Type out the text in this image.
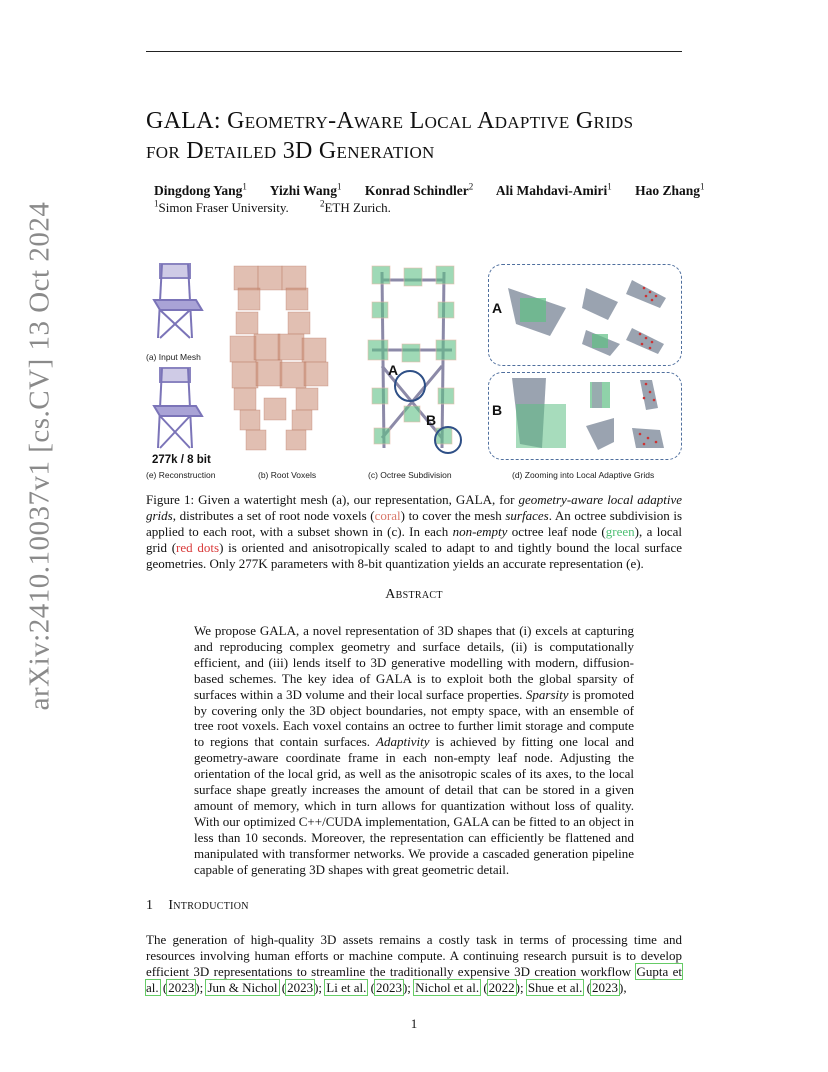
arXiv:2410.10037v1 [cs.CV] 13 Oct 2024
GALA: Geometry-Aware Local Adaptive Grids
for Detailed 3D Generation
Dingdong Yang$^1$ Yizhi Wang$^1$ Konrad Schindler$^2$ Ali Mahdavi-Amiri$^1$ Hao Zhang$^1$
$^1$Simon Fraser University.	$^2$ETH Zurich.
(a) Input Mesh
277k / 8 bit
(e) Reconstruction	(b) Root Voxels	(c) Octree Subdivision	(d) Zooming into Local Adaptive Grids
A
B
A
B
Figure 1: Given a watertight mesh (a), our representation, GALA, for geometry-aware local adaptive grids, distributes a set of root node voxels (coral) to cover the mesh surfaces. An octree subdivision is applied to each root, with a subset shown in (c). In each non-empty octree leaf node (green), a local grid (red dots) is oriented and anisotropically scaled to adapt to and tightly bound the local surface geometries. Only 277K parameters with 8-bit quantization yields an accurate representation (e).
Abstract
We propose GALA, a novel representation of 3D shapes that (i) excels at capturing and reproducing complex geometry and surface details, (ii) is computationally efficient, and (iii) lends itself to 3D generative modelling with modern, diffusion-based schemes. The key idea of GALA is to exploit both the global sparsity of surfaces within a 3D volume and their local surface properties. Sparsity is promoted by covering only the 3D object boundaries, not empty space, with an ensemble of tree root voxels. Each voxel contains an octree to further limit storage and compute to regions that contain surfaces. Adaptivity is achieved by fitting one local and geometry-aware coordinate frame in each non-empty leaf node. Adjusting the orientation of the local grid, as well as the anisotropic scales of its axes, to the local surface shape greatly increases the amount of detail that can be stored in a given amount of memory, which in turn allows for quantization without loss of quality. With our optimized C++/CUDA implementation, GALA can be fitted to an object in less than 10 seconds. Moreover, the representation can efficiently be flattened and manipulated with transformer networks. We provide a cascaded generation pipeline capable of generating 3D shapes with great geometric detail.
1 Introduction
The generation of high-quality 3D assets remains a costly task in terms of processing time and resources involving human efforts or machine compute. A continuing research pursuit is to develop efficient 3D representations to streamline the traditionally expensive 3D creation workflow Gupta et al. (2023); Jun & Nichol (2023); Li et al. (2023); Nichol et al. (2022); Shue et al. (2023),
1
